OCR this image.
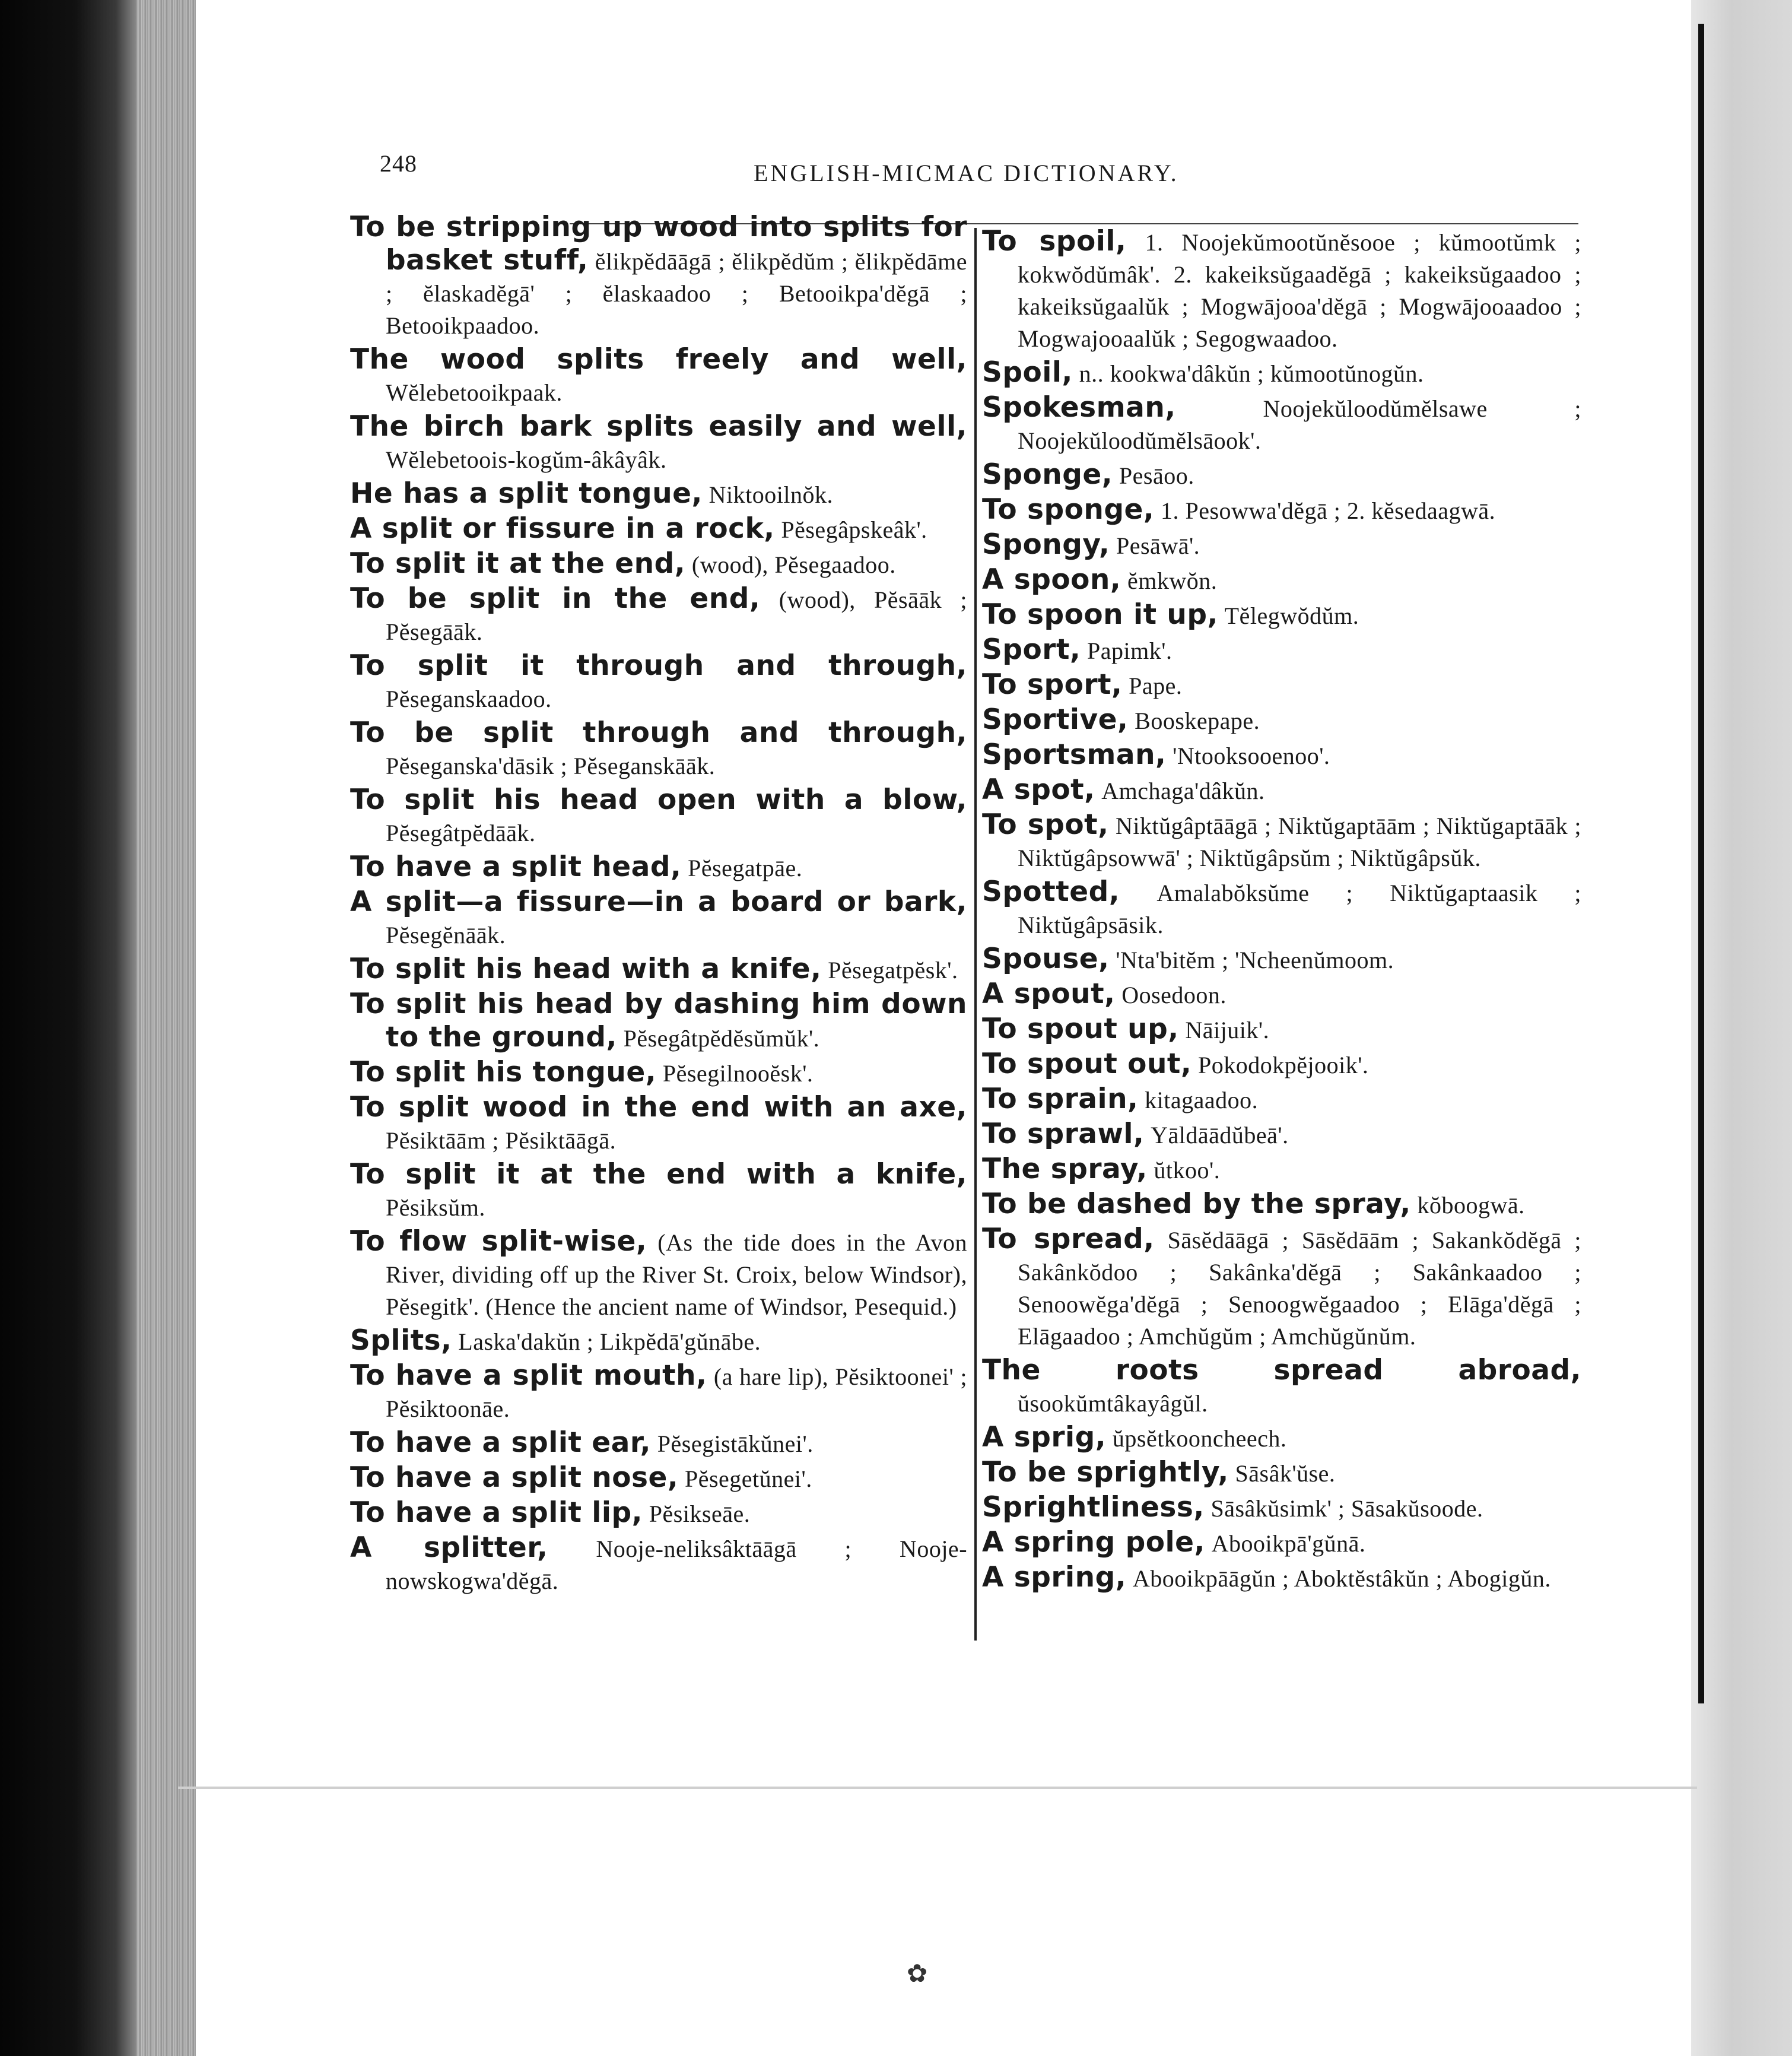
248	ENGLISH-MICMAC DICTIONARY.

To be stripping up wood into splits for basket stuff, ĕlikpĕdāāgā ; ĕlikpĕdŭm ; ĕlikpĕdāme ; ĕlaskadĕgā' ; ĕlaskaadoo ; Betooikpa'dĕgā ; Betooikpaadoo.

The wood splits freely and well, Wĕlebetooikpaak.

The birch bark splits easily and well, Wĕlebetoois-kogŭm-âkâyâk.

He has a split tongue, Niktooilnŏk.

A split or fissure in a rock, Pĕsegâpskeâk'.

To split it at the end, (wood), Pĕsegaadoo.

To be split in the end, (wood), Pĕsāāk ; Pĕsegāāk.

To split it through and through, Pĕseganskaadoo.

To be split through and through, Pĕseganska'dāsik ; Pĕseganskāāk.

To split his head open with a blow, Pĕsegâtpĕdāāk.

To have a split head, Pĕsegatpāe.

A split—a fissure—in a board or bark, Pĕsegĕnāāk.

To split his head with a knife, Pĕsegatpĕsk'.

To split his head by dashing him down to the ground, Pĕsegâtpĕdĕsŭmŭk'.

To split his tongue, Pĕsegilnooĕsk'.

To split wood in the end with an axe, Pĕsiktāām ; Pĕsiktāāgā.

To split it at the end with a knife, Pĕsiksŭm.

To flow split-wise, (As the tide does in the Avon River, dividing off up the River St. Croix, below Windsor), Pĕsegitk'. (Hence the ancient name of Windsor, Pesequid.)

Splits, Laska'dakŭn ; Likpĕdā'gŭnābe.

To have a split mouth, (a hare lip), Pĕsiktoonei' ; Pĕsiktoonāe.

To have a split ear, Pĕsegistākŭnei'.

To have a split nose, Pĕsegetŭnei'.

To have a split lip, Pĕsikseāe.

A splitter, Nooje-neliksâktāāgā ; Nooje-nowskogwa'dĕgā.

To spoil, 1. Noojekŭmootŭnĕsooe ; kŭmootŭmk ; kokwŏdŭmâk'. 2. kakeiksŭgaadĕgā ; kakeiksŭgaadoo ; kakeiksŭgaalŭk ; Mogwājooa'dĕgā ; Mogwājooaadoo ; Mogwajooaalŭk ; Segogwaadoo.

Spoil, n.. kookwa'dâkŭn ; kŭmootŭnogŭn.

Spokesman,	Noojekŭloodŭmĕlsawe ; Noojekŭloodŭmĕlsāook'.

Sponge, Pesāoo.

To sponge, 1. Pesowwa'dĕgā ; 2. kĕsedaagwā.

Spongy, Pesāwā'.

A spoon, ĕmkwŏn.

To spoon it up, Tĕlegwŏdŭm.

Sport, Papimk'.

To sport, Pape.

Sportive, Booskepape.

Sportsman, 'Ntooksooenoo'.

A spot, Amchaga'dâkŭn.

To spot, Niktŭgâptāāgā ; Niktŭgaptāām ; Niktŭgaptāāk ; Niktŭgâpsowwā' ; Niktŭgâpsŭm ; Niktŭgâpsŭk.

Spotted, Amalabŏksŭme ; Niktŭgaptaasik ; Niktŭgâpsāsik.

Spouse, 'Nta'bitĕm ; 'Ncheenŭmoom.

A spout, Oosedoon.

To spout up, Nāijuik'.

To spout out, Pokodokpĕjooik'.

To sprain, kitagaadoo.

To sprawl, Yāldāādŭbeā'.

The spray, ŭtkoo'.

To be dashed by the spray, kŏboogwā.

To spread, Sāsĕdāāgā ; Sāsĕdāām ; Sakankŏdĕgā ; Sakânkŏdoo ; Sakânka'dĕgā ; Sakânkaadoo ; Senoowĕga'dĕgā ; Senoogwĕgaadoo ; Elāga'dĕgā ; Elāgaadoo ; Amchŭgŭm ; Amchŭgŭnŭm.

The roots spread abroad, ŭsookŭmtâkayâgŭl.

A sprig, ŭpsĕtkooncheech.

To be sprightly, Sāsâk'ŭse.

Sprightliness, Sāsâkŭsimk' ; Sāsakŭsoode.

A spring pole, Abooikpā'gŭnā.

A spring, Abooikpāāgŭn ; Aboktĕstâkŭn ; Abogigŭn.

✿
